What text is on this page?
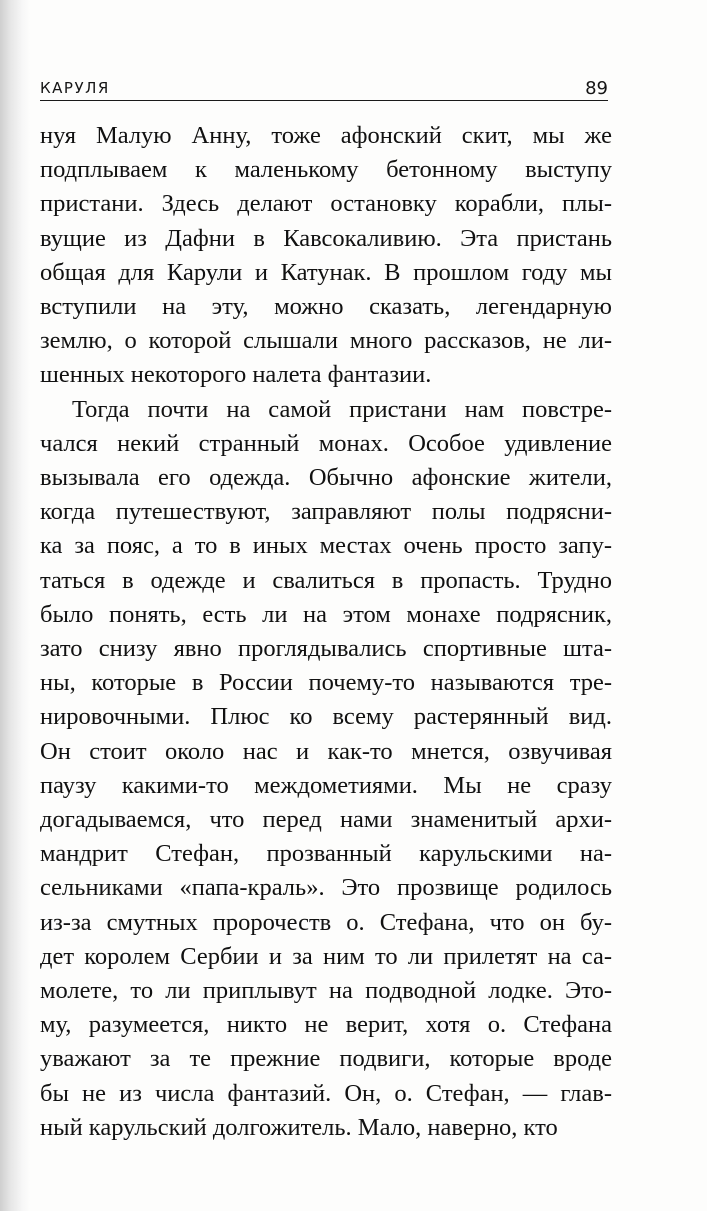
КАРУЛЯ	89

нуя Малую Анну, тоже афонский скит, мы же
подплываем к маленькому бетонному выступу
пристани. Здесь делают остановку корабли, плы-
вущие из Дафни в Кавсокаливию. Эта пристань
общая для Карули и Катунак. В прошлом году мы
вступили на эту, можно сказать, легендарную
землю, о которой слышали много рассказов, не ли-
шенных некоторого налета фантазии.

Тогда почти на самой пристани нам повстре-
чался некий странный монах. Особое удивление
вызывала его одежда. Обычно афонские жители,
когда путешествуют, заправляют полы подрясни-
ка за пояс, а то в иных местах очень просто запу-
таться в одежде и свалиться в пропасть. Трудно
было понять, есть ли на этом монахе подрясник,
зато снизу явно проглядывались спортивные шта-
ны, которые в России почему-то называются тре-
нировочными. Плюс ко всему растерянный вид.
Он стоит около нас и как-то мнется, озвучивая
паузу какими-то междометиями. Мы не сразу
догадываемся, что перед нами знаменитый архи-
мандрит Стефан, прозванный карульскими на-
сельниками «папа-краль». Это прозвище родилось
из-за смутных пророчеств о. Стефана, что он бу-
дет королем Сербии и за ним то ли прилетят на са-
молете, то ли приплывут на подводной лодке. Это-
му, разумеется, никто не верит, хотя о. Стефана
уважают за те прежние подвиги, которые вроде
бы не из числа фантазий. Он, о. Стефан, — глав-
ный карульский долгожитель. Мало, наверно, кто
